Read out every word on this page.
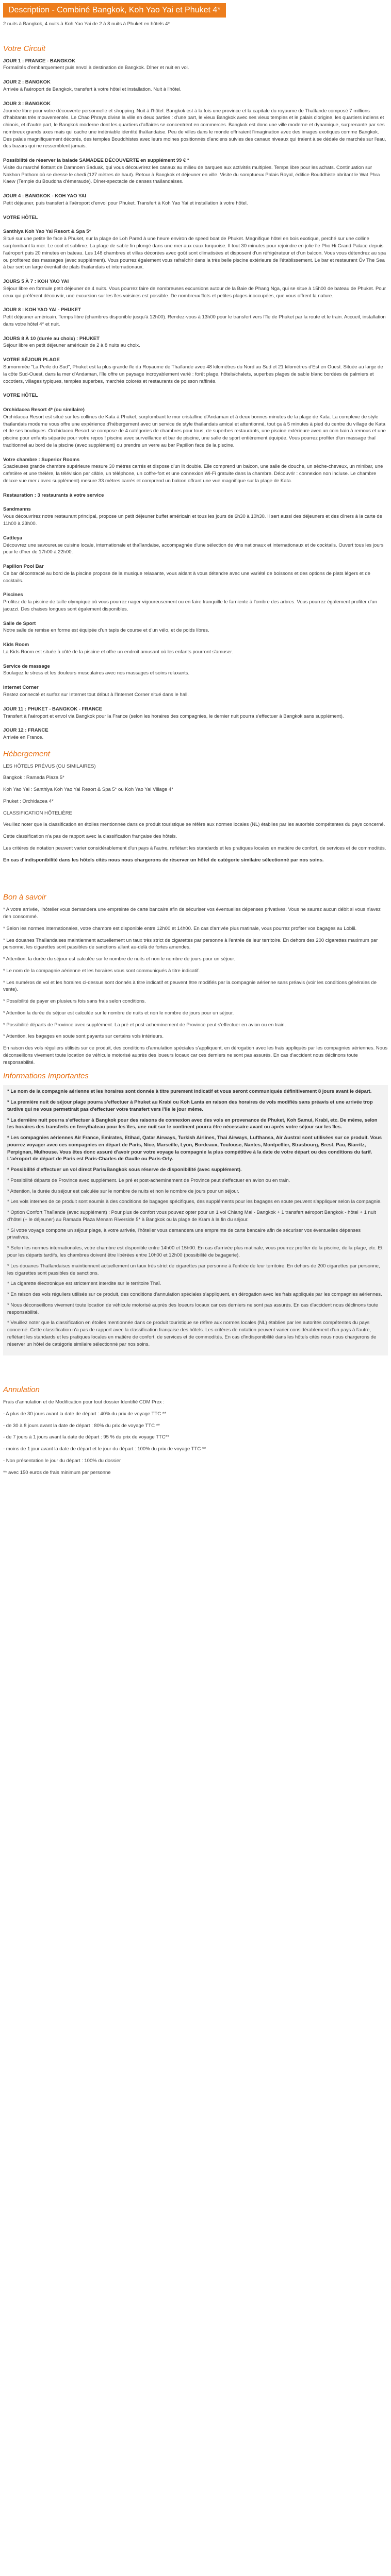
Description - Combiné Bangkok, Koh Yao Yai et Phuket 4*
2 nuits à Bangkok, 4 nuits à Koh Yao Yai de 2 à 8 nuits à Phuket en hôtels 4*
Votre Circuit
JOUR 1 : FRANCE - BANGKOK
Formalités d'embarquement puis envol à destination de Bangkok. Dîner et nuit en vol.
JOUR 2 : BANGKOK
Arrivée à l'aéroport de Bangkok, transfert à votre hôtel et installation. Nuit à l'hôtel.
JOUR 3 : BANGKOK
Journée libre pour votre découverte personnelle et shopping. Nuit à l'hôtel. Bangkok est à la fois une province et la capitale du royaume de Thaïlande composé 7 millions d'habitants très mouvementés. Le Chao Phraya divise la ville en deux parties : d'une part, le vieux Bangkok avec ses vieux temples et le palais d'origine, les quartiers indiens et chinois, et d'autre part, le Bangkok moderne dont les quartiers d'affaires se concentrent en commerces. Bangkok est donc une ville moderne et dynamique, surprenante par ses nombreux grands axes mais qui cache une indéniable identité thaïlandaise. Peu de villes dans le monde offriraient l'imagination avec des images exotiques comme Bangkok. Des palais magnifiquement décorés, des temples Bouddhistes avec leurs moines positionnés d'anciens suivies des canaux niveaux qui traient à se dédale de marchés sur l'eau, des bazars qui ne ressemblent jamais.
Possibilité de réserver la balade SAMADEE DÉCOUVERTE en supplément 99 € *
Visite du marché flottant de Damnoen Saduak, qui vous découvrirez les canaux au milieu de barques aux activités multiples. Temps libre pour les achats. Continuation sur Nakhon Pathom où se dresse le chedi (127 mètres de haut). Retour à Bangkok et déjeuner en ville. Visite du somptueux Palais Royal, édifice Bouddhiste abritant le Wat Phra Kaew (Temple du Bouddha d'émeraude). Dîner-spectacle de danses thaïlandaises.
JOUR 4 : BANGKOK - KOH YAO YAI
Petit déjeuner, puis transfert à l'aéroport d'envol pour Phuket. Transfert à Koh Yao Yai et installation à votre hôtel.
VOTRE HÔTEL
Santhiya Koh Yao Yai Resort & Spa 5*
Situé sur une petite île face à Phuket, sur la plage de Loh Pared à une heure environ de speed boat de Phuket. Magnifique hôtel en bois exotique, perché sur une colline surplombant la mer. Le cool et sublime. La plage de sable fin plongé dans une mer aux eaux turquoise. Il tout 30 minutes pour rejoindre en jolie île Pho Hi Grand Palace depuis l'aéroport puis 20 minutes en bateau. Les 148 chambres et villas décorées avec goût sont climatisées et disposent d'un réfrigérateur et d'un balcon. Vous vous détendrez au spa ou profiterez des massages (avec supplément). Vous pourrez également vous rafraîchir dans la très belle piscine extérieure de l'établissement. Le bar et restaurant Öv The Sea à bar sert un large éventail de plats thaïlandais et internationaux.
JOURS 5 À 7 : KOH YAO YAI
Séjour libre en formule petit déjeuner de 4 nuits. Vous pourrez faire de nombreuses excursions autour de la Baie de Phang Nga, qui se situe à 15h00 de bateau de Phuket. Pour ceux qui préfèrent découvrir, une excursion sur les îles voisines est possible. De nombreux îlots et petites plages inoccupées, que vous offrent la nature.
JOUR 8 : KOH YAO YAI - PHUKET
Petit déjeuner américain. Temps libre (chambres disponible jusqu'à 12h00). Rendez-vous à 13h00 pour le transfert vers l'île de Phuket par la route et le train. Accueil, installation dans votre hôtel 4* et nuit.
JOURS 8 À 10 (durée au choix) : PHUKET
Séjour libre en petit déjeuner américain de 2 à 8 nuits au choix.
VOTRE SÉJOUR PLAGE
Surnommée "La Perle du Sud", Phuket est la plus grande île du Royaume de Thaïlande avec 48 kilomètres du Nord au Sud et 21 kilomètres d'Est en Ouest. Située au large de la côte Sud-Ouest, dans la mer d'Andaman, l'île offre un paysage incroyablement varié : forêt plage, hôtels/chalets, superbes plages de sable blanc bordées de palmiers et cocotiers, villages typiques, temples superbes, marchés colorés et restaurants de poisson raffinés.
VOTRE HÔTEL
Orchidacea Resort 4* (ou similaire)
Orchidacea Resort est situé sur les collines de Kata à Phuket, surplombant le mur cristalline d'Andaman et à deux bonnes minutes de la plage de Kata. La complexe de style thaïlandais moderne vous offre une expérience d'hébergement avec un service de style thaïlandais amical et attentionné, tout ça à 5 minutes à pied du centre du village de Kata et de ses boutiques. Orchidacea Resort se compose de 4 catégories de chambres pour tous, de superbes restaurants, une piscine extérieure avec un coin bain à remous et une piscine pour enfants séparée pour votre repos ! piscine avec surveillance et bar de piscine, une salle de sport entièrement équipée. Vous pourrez profiter d'un massage thaï traditionnel au bord de la piscine (avec supplément) ou prendre un verre au bar Papillon face de la piscine.
Votre chambre : Superior Rooms
Spacieuses grande chambre supérieure mesure 30 mètres carrés et dispose d'un lit double. Elle comprend un balcon, une salle de douche, un sèche-cheveux, un minibar, une cafetière et une théière, la télévision par câble, un téléphone, un coffre-fort et une connexion Wi-Fi gratuite dans la chambre. Découvrir : connexion non incluse. Le chambre deluxe vue mer / avec supplément) mesure 33 mètres carrés et comprend un balcon offrant une vue magnifique sur la plage de Kata.
Restauration : 3 restaurants à votre service
Sandmanns
Vous découvrirez notre restaurant principal, propose un petit déjeuner buffet américain et tous les jours de 6h30 à 10h30. Il sert aussi des déjeuners et des dîners à la carte de 11h00 à 23h00.
Cattleya
Découvrez une savoureuse cuisine locale, internationale et thaïlandaise, accompagnée d'une sélection de vins nationaux et internationaux et de cocktails. Ouvert tous les jours pour le dîner de 17h00 à 22h00.
Papillon Pool Bar
Ce bar décontracté au bord de la piscine propose de la musique relaxante, vous aidant à vous détendre avec une variété de boissons et des options de plats légers et de cocktails.
Piscines
Profitez de la piscine de taille olympique où vous pourrez nager vigoureusement ou en faire tranquille le farniente à l'ombre des arbres. Vous pourrez également profiter d'un jacuzzi. Des chaises longues sont également disponibles.
Salle de Sport
Notre salle de remise en forme est équipée d'un tapis de course et d'un vélo, et de poids libres.
Kids Room
La Kids Room est située à côté de la piscine et offre un endroit amusant où les enfants pourront s'amuser.
Service de massage
Soulagez le stress et les douleurs musculaires avec nos massages et soins relaxants.
Internet Corner
Restez connecté et surfez sur Internet tout début à l'Internet Corner situé dans le hall.
JOUR 11 : PHUKET - BANGKOK - FRANCE
Transfert à l'aéroport et envol via Bangkok pour la France (selon les horaires des compagnies, le dernier nuit pourra s'effectuer à Bangkok sans supplément).
JOUR 12 : FRANCE
Arrivée en France.
Hébergement
LES HÔTELS PRÉVUS (OU SIMILAIRES)
Bangkok : Ramada Plaza 5*
Koh Yao Yai : Santhiya Koh Yao Yai Resort & Spa 5* ou Koh Yao Yai Village 4*
Phuket : Orchidacea 4*
CLASSIFICATION HÔTELIÈRE
Veuillez noter que la classification en étoiles mentionnée dans ce produit touristique se réfère aux normes locales (NL) établies par les autorités compétentes du pays concerné.
Cette classification n'a pas de rapport avec la classification française des hôtels.
Les critères de notation peuvent varier considérablement d'un pays à l'autre, reflétant les standards et les pratiques locales en matière de confort, de services et de commodités.
En cas d'indisponibilité dans les hôtels cités nous nous chargerons de réserver un hôtel de catégorie similaire sélectionné par nos soins.
Bon à savoir
* A votre arrivée, l'hôtelier vous demandera une empreinte de carte bancaire afin de sécuriser vos éventuelles dépenses privatives. Vous ne saurez aucun débit si vous n'avez rien consommé.
* Selon les normes internationales, votre chambre est disponible entre 12h00 et 14h00. En cas d'arrivée plus matinale, vous pourrez profiter vos bagages au Loblii.
* Les douanes Thaïlandaises maintiennent actuellement un taux très strict de cigarettes par personne à l'entrée de leur territoire. En dehors des 200 cigarettes maximum par personne, les cigarettes sont passibles de sanctions allant au-delà de fortes amendes.
* Attention, la durée du séjour est calculée sur le nombre de nuits et non le nombre de jours pour un séjour.
* Le nom de la compagnie aérienne et les horaires vous sont communiqués à titre indicatif.
* Les numéros de vol et les horaires ci-dessus sont donnés à titre indicatif et peuvent être modifiés par la compagnie aérienne sans préavis (voir les conditions générales de vente).
* Possibilité de payer en plusieurs fois sans frais selon conditions.
* Attention la durée du séjour est calculée sur le nombre de nuits et non le nombre de jours pour un séjour.
* Possibilité départs de Province avec supplément. La pré et post-acheminement de Province peut s'effectuer en avion ou en train.
* Attention, les bagages en soute sont payants sur certains vols intérieurs.
En raison des vols réguliers utilisés sur ce produit, des conditions d'annulation spéciales s'appliquent, en dérogation avec les frais appliqués par les compagnies aériennes. Nous déconseillons vivement toute location de véhicule motorisé auprès des loueurs locaux car ces derniers ne sont pas assurés. En cas d'accident nous déclinons toute responsabilité.
Informations Importantes
* Le nom de la compagnie aérienne et les horaires sont donnés à titre purement indicatif et vous seront communiqués définitivement 8 jours avant le départ.
* La première nuit de séjour plage pourra s'effectuer à Phuket au Krabi ou Koh Lanta en raison des horaires de vols modifiés sans préavis et une arrivée trop tardive qui ne vous permettrait pas d'effectuer votre transfert vers l'île le jour même.
* La dernière nuit pourra s'effectuer à Bangkok pour des raisons de connexion avec des vols en provenance de Phuket, Koh Samui, Krabi, etc. De même, selon les horaires des transferts en ferry/bateau pour les îles, une nuit sur le continent pourra être nécessaire avant ou après votre séjour sur les îles.
* Les compagnies aériennes Air France, Emirates, Etihad, Qatar Airways, Turkish Airlines, Thai Airways, Lufthansa, Air Austral sont utilisées sur ce produit. Vous pourrez voyager avec ces compagnies en départ de Paris, Nice, Marseille, Lyon, Bordeaux, Toulouse, Nantes, Montpellier, Strasbourg, Brest, Pau, Biarritz, Perpignan, Mulhouse. Vous êtes donc assuré d'avoir pour votre voyage la compagnie la plus compétitive à la date de votre départ ou des conditions du tarif. L'aéroport de départ de Paris est Paris-Charles de Gaulle ou Paris-Orly.
* Possibilité d'effectuer un vol direct Paris/Bangkok sous réserve de disponibilité (avec supplément).
* Possibilité départs de Province avec supplément. Le pré et post-acheminement de Province peut s'effectuer en avion ou en train.
* Attention, la durée du séjour est calculée sur le nombre de nuits et non le nombre de jours pour un séjour.
* Les vols internes de ce produit sont soumis à des conditions de bagages spécifiques, des suppléments pour les bagages en soute peuvent s'appliquer selon la compagnie.
* Option Confort Thaïlande (avec supplément) : Pour plus de confort vous pouvez opter pour un 1 vol Chiang Mai - Bangkok + 1 transfert aéroport Bangkok - hôtel + 1 nuit d'hôtel (+ le déjeuner) au Ramada Plaza Menam Riverside 5* à Bangkok ou la plage de Kram à la fin du séjour.
* Si votre voyage comporte un séjour plage, à votre arrivée, l'hôtelier vous demandera une empreinte de carte bancaire afin de sécuriser vos éventuelles dépenses privatives.
* Selon les normes internationales, votre chambre est disponible entre 14h00 et 15h00. En cas d'arrivée plus matinale, vous pourrez profiter de la piscine, de la plage, etc. Et pour les départs tardifs, les chambres doivent être libérées entre 10h00 et 12h00 (possibilité de bagagerie).
* Les douanes Thaïlandaises maintiennent actuellement un taux très strict de cigarettes par personne à l'entrée de leur territoire. En dehors de 200 cigarettes par personne, les cigarettes sont passibles de sanctions.
* La cigarette électronique est strictement interdite sur le territoire Thaï.
* En raison des vols réguliers utilisés sur ce produit, des conditions d'annulation spéciales s'appliquent, en dérogation avec les frais appliqués par les compagnies aériennes.
* Nous déconseillons vivement toute location de véhicule motorisé auprès des loueurs locaux car ces derniers ne sont pas assurés. En cas d'accident nous déclinons toute responsabilité.
* Veuillez noter que la classification en étoiles mentionnée dans ce produit touristique se réfère aux normes locales (NL) établies par les autorités compétentes du pays concerné. Cette classification n'a pas de rapport avec la classification française des hôtels. Les critères de notation peuvent varier considérablement d'un pays à l'autre, reflétant les standards et les pratiques locales en matière de confort, de services et de commodités. En cas d'indisponibilité dans les hôtels cités nous nous chargerons de réserver un hôtel de catégorie similaire sélectionné par nos soins.
Annulation
Frais d'annulation et de Modification pour tout dossier Identifié CDM Prex :
- A plus de 30 jours avant la date de départ : 40% du prix de voyage TTC **
- de 30 à 8 jours avant la date de départ : 80% du prix de voyage TTC **
- de 7 jours à 1 jours avant la date de départ : 95 % du prix de voyage TTC**
- moins de 1 jour avant la date de départ et le jour du départ : 100% du prix de voyage TTC **
- Non présentation le jour du départ : 100% du dossier
** avec 150 euros de frais minimum par personne
